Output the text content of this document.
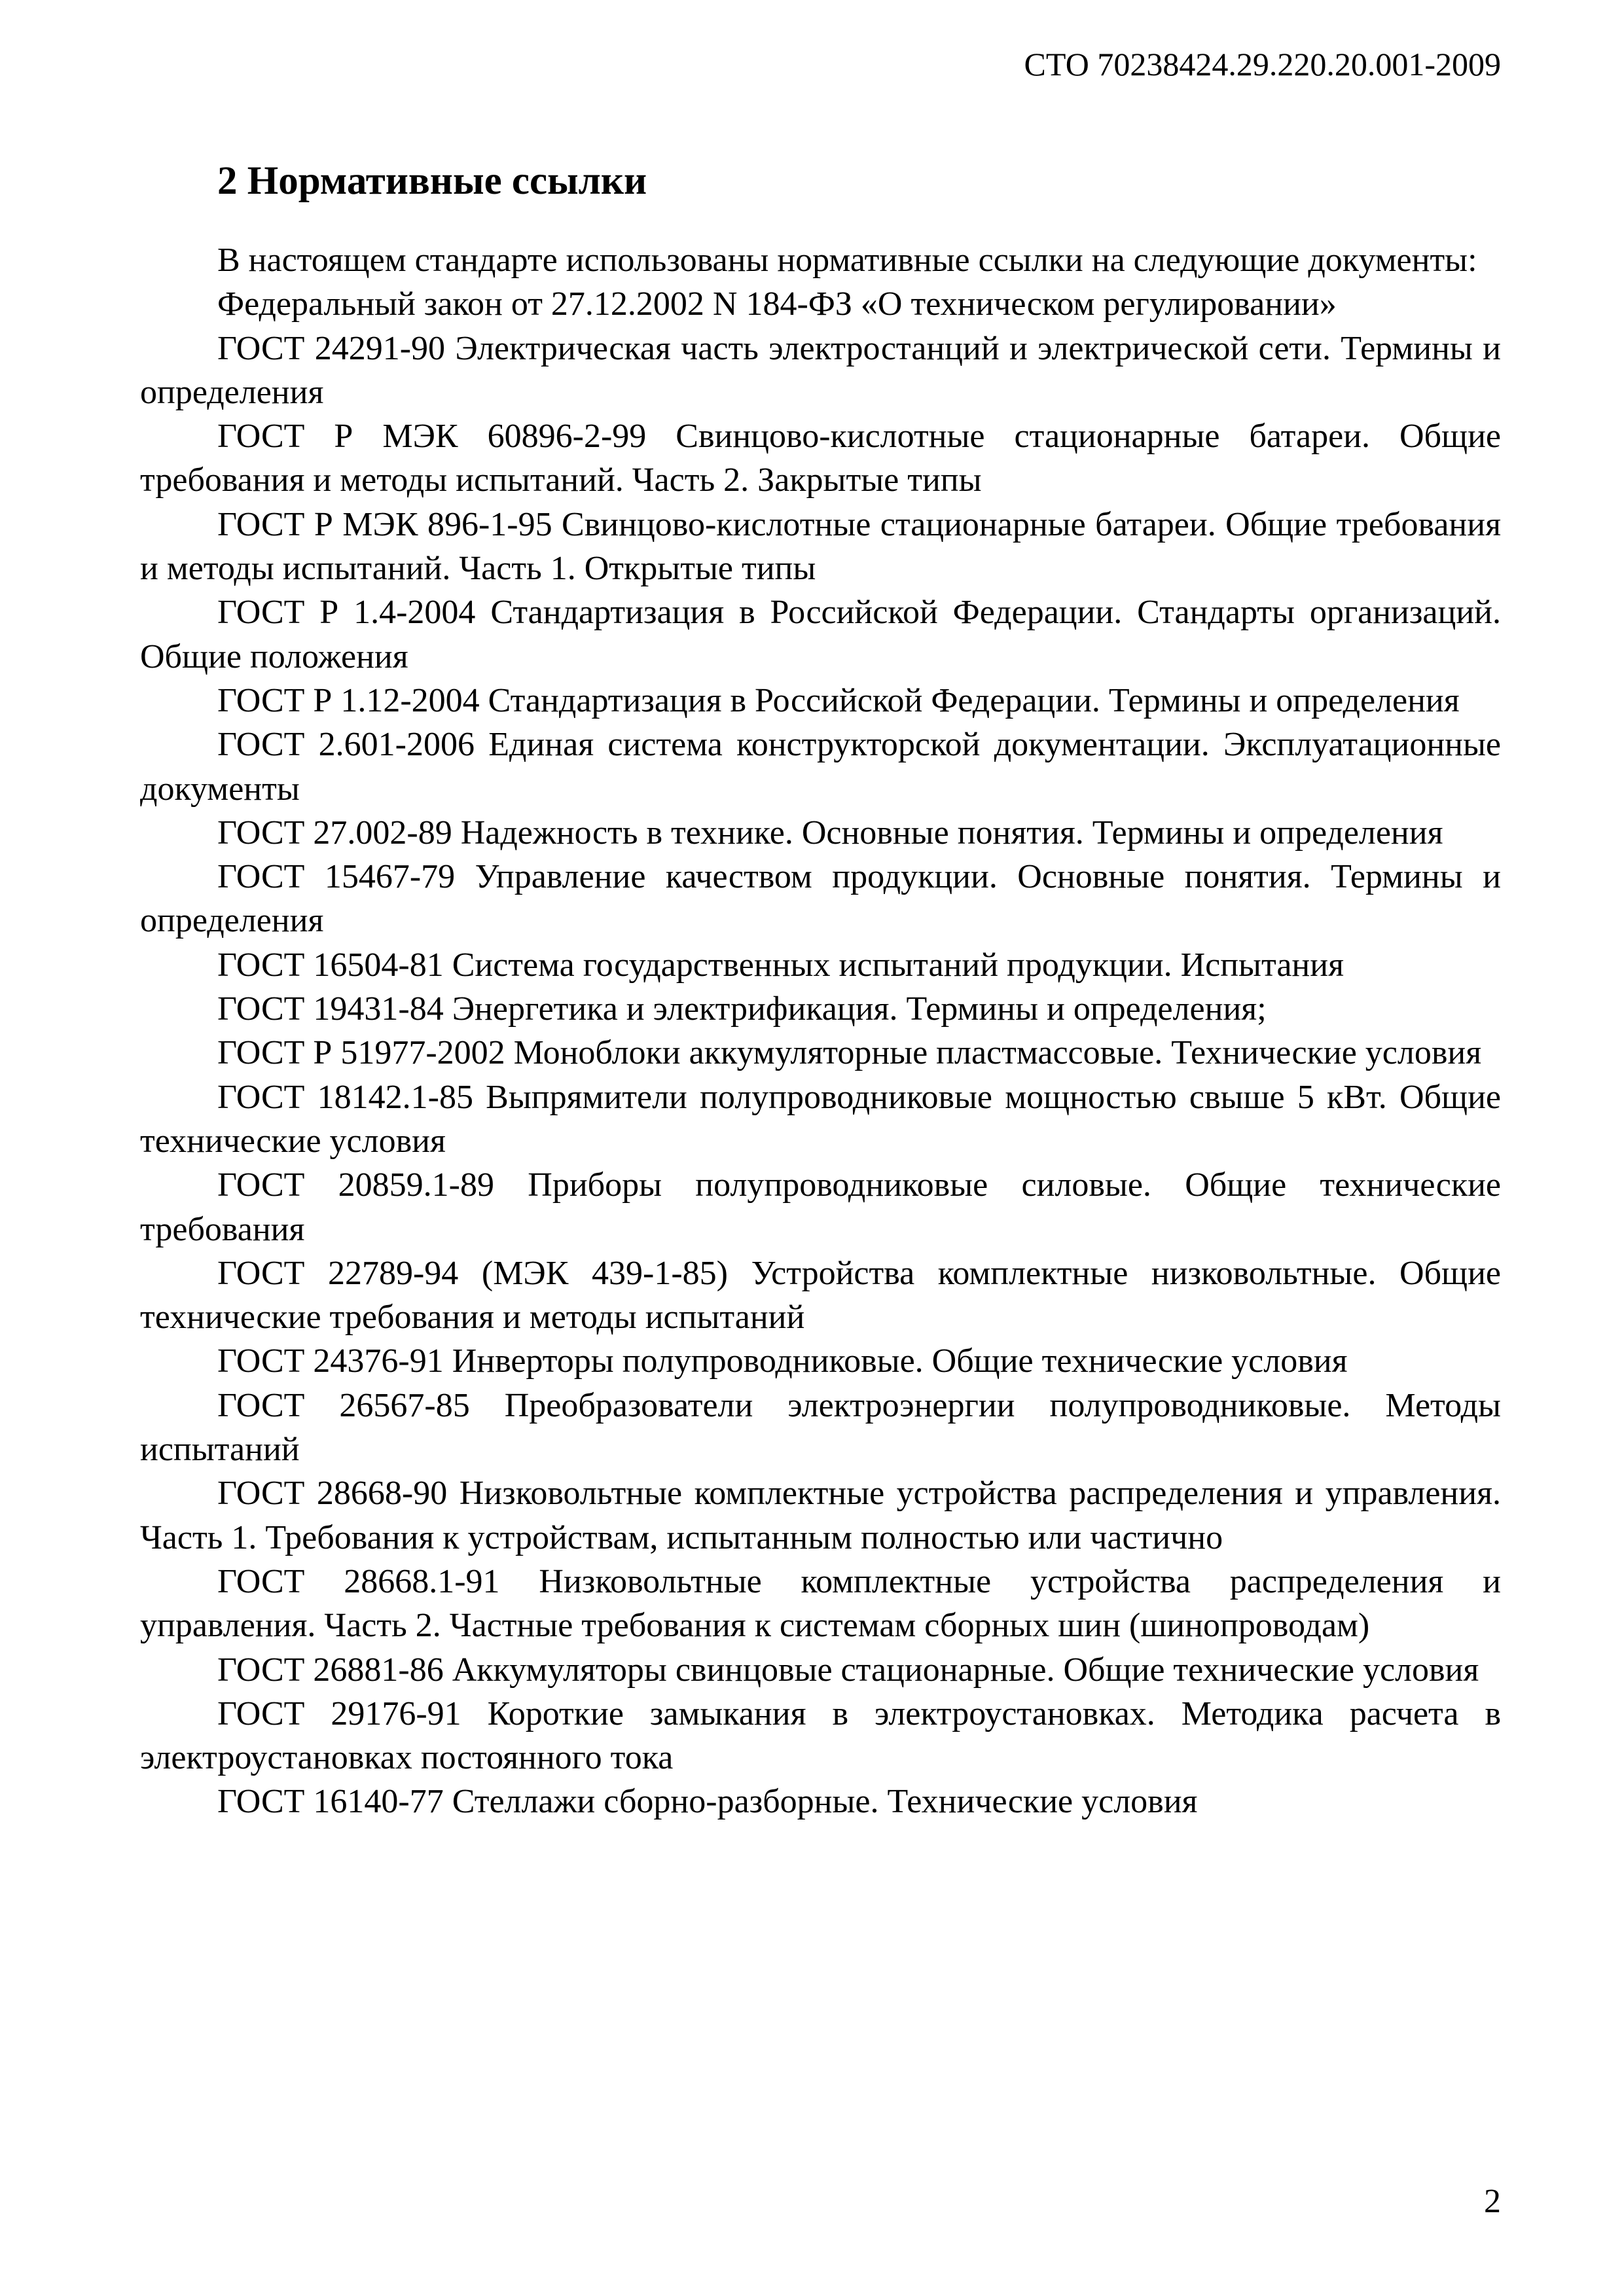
СТО 70238424.29.220.20.001-2009
2 Нормативные ссылки

В настоящем стандарте использованы нормативные ссылки на следующие документы:

Федеральный закон от 27.12.2002 N 184-ФЗ «О техническом регулировании»

ГОСТ 24291-90 Электрическая часть электростанций и электрической сети. Термины и определения

ГОСТ Р МЭК 60896-2-99 Свинцово-кислотные стационарные батареи. Общие требования и методы испытаний. Часть 2. Закрытые типы

ГОСТ Р МЭК 896-1-95 Свинцово-кислотные стационарные батареи. Общие требования и методы испытаний. Часть 1. Открытые типы

ГОСТ Р 1.4-2004 Стандартизация в Российской Федерации. Стандарты организаций. Общие положения

ГОСТ Р 1.12-2004 Стандартизация в Российской Федерации. Термины и определения

ГОСТ 2.601-2006 Единая система конструкторской документации. Эксплуатационные документы

ГОСТ 27.002-89 Надежность в технике. Основные понятия. Термины и определения

ГОСТ 15467-79 Управление качеством продукции. Основные понятия. Термины и определения

ГОСТ 16504-81 Система государственных испытаний продукции. Испытания

ГОСТ 19431-84 Энергетика и электрификация. Термины и определения;

ГОСТ Р 51977-2002 Моноблоки аккумуляторные пластмассовые. Технические условия

ГОСТ 18142.1-85 Выпрямители полупроводниковые мощностью свыше 5 кВт. Общие технические условия

ГОСТ 20859.1-89 Приборы полупроводниковые силовые. Общие технические требования

ГОСТ 22789-94 (МЭК 439-1-85) Устройства комплектные низковольтные. Общие технические требования и методы испытаний

ГОСТ 24376-91 Инверторы полупроводниковые. Общие технические условия

ГОСТ 26567-85 Преобразователи электроэнергии полупроводниковые. Методы испытаний

ГОСТ 28668-90 Низковольтные комплектные устройства распределения и управления. Часть 1. Требования к устройствам, испытанным полностью или частично

ГОСТ 28668.1-91 Низковольтные комплектные устройства распределения и управления. Часть 2. Частные требования к системам сборных шин (шинопроводам)

ГОСТ 26881-86 Аккумуляторы свинцовые стационарные. Общие технические условия

ГОСТ 29176-91 Короткие замыкания в электроустановках. Методика расчета в электроустановках постоянного тока

ГОСТ 16140-77 Стеллажи сборно-разборные. Технические условия

2
